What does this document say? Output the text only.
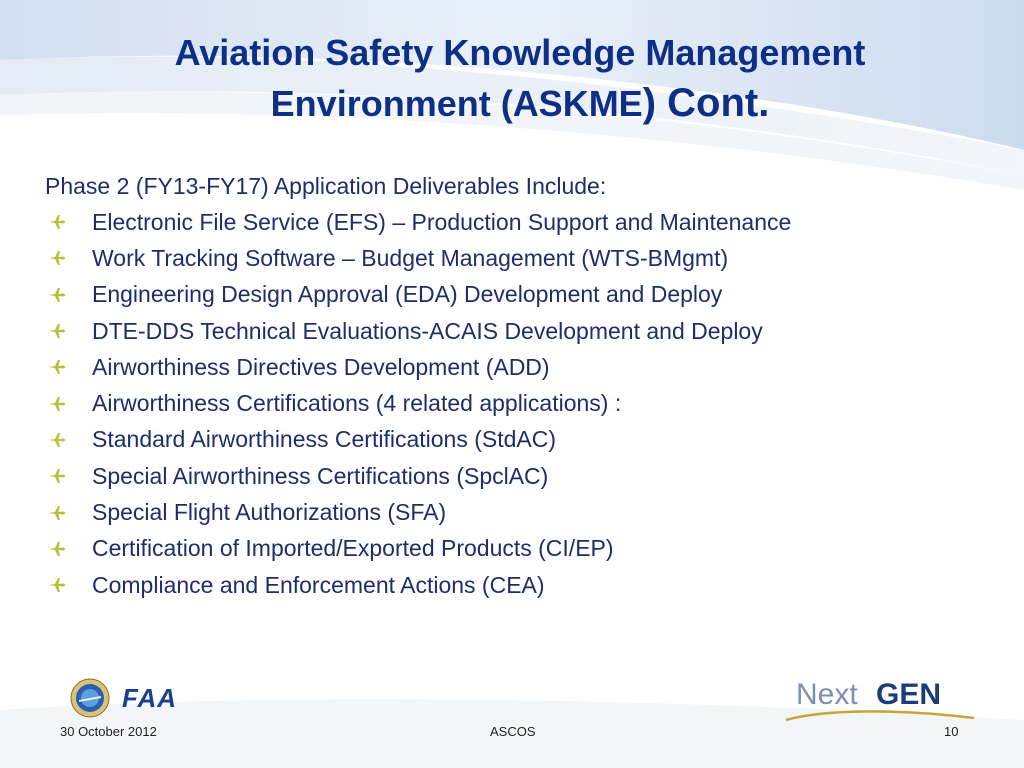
Aviation Safety Knowledge Management
Environment (ASKME) Cont.
Phase 2 (FY13-FY17) Application Deliverables Include:
Electronic File Service (EFS) – Production Support and Maintenance
Work Tracking Software – Budget Management (WTS-BMgmt)
Engineering Design Approval (EDA) Development and Deploy
DTE-DDS Technical Evaluations-ACAIS Development and Deploy
Airworthiness Directives Development (ADD)
Airworthiness Certifications (4 related applications) :
Standard Airworthiness Certifications (StdAC)
Special Airworthiness Certifications (SpclAC)
Special Flight Authorizations (SFA)
Certification of Imported/Exported Products (CI/EP)
Compliance and Enforcement Actions (CEA)
FAA	Next GEN
30 October 2012	ASCOS	10
